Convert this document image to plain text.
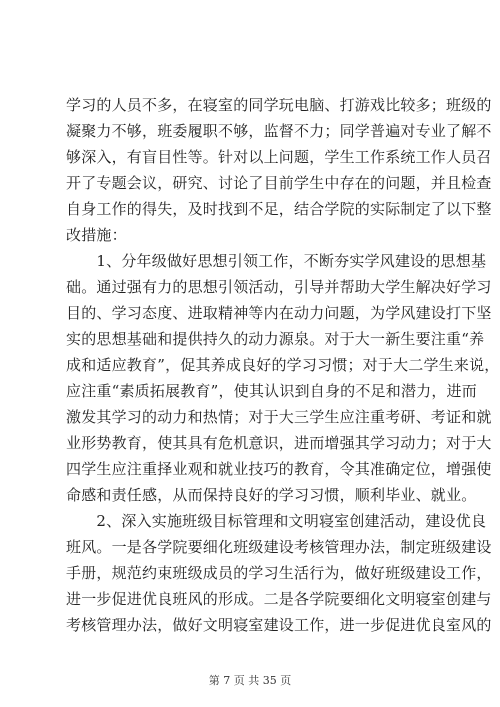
学习的人员不多，在寝室的同学玩电脑、打游戏比较多；班级的
凝聚力不够，班委履职不够，监督不力；同学普遍对专业了解不
够深入，有盲目性等。针对以上问题，学生工作系统工作人员召
开了专题会议，研究、讨论了目前学生中存在的问题，并且检查
自身工作的得失，及时找到不足，结合学院的实际制定了以下整
改措施：
　　1、分年级做好思想引领工作，不断夯实学风建设的思想基
础。通过强有力的思想引领活动，引导并帮助大学生解决好学习
目的、学习态度、进取精神等内在动力问题，为学风建设打下坚
实的思想基础和提供持久的动力源泉。对于大一新生要注重“养
成和适应教育”，促其养成良好的学习习惯；对于大二学生来说，
应注重“素质拓展教育”，使其认识到自身的不足和潜力，进而
激发其学习的动力和热情；对于大三学生应注重考研、考证和就
业形势教育，使其具有危机意识，进而增强其学习动力；对于大
四学生应注重择业观和就业技巧的教育，令其准确定位，增强使
命感和责任感，从而保持良好的学习习惯，顺利毕业、就业。
　　2、深入实施班级目标管理和文明寝室创建活动，建设优良
班风。一是各学院要细化班级建设考核管理办法，制定班级建设
手册，规范约束班级成员的学习生活行为，做好班级建设工作，
进一步促进优良班风的形成。二是各学院要细化文明寝室创建与
考核管理办法，做好文明寝室建设工作，进一步促进优良室风的
第 7 页 共 35 页
